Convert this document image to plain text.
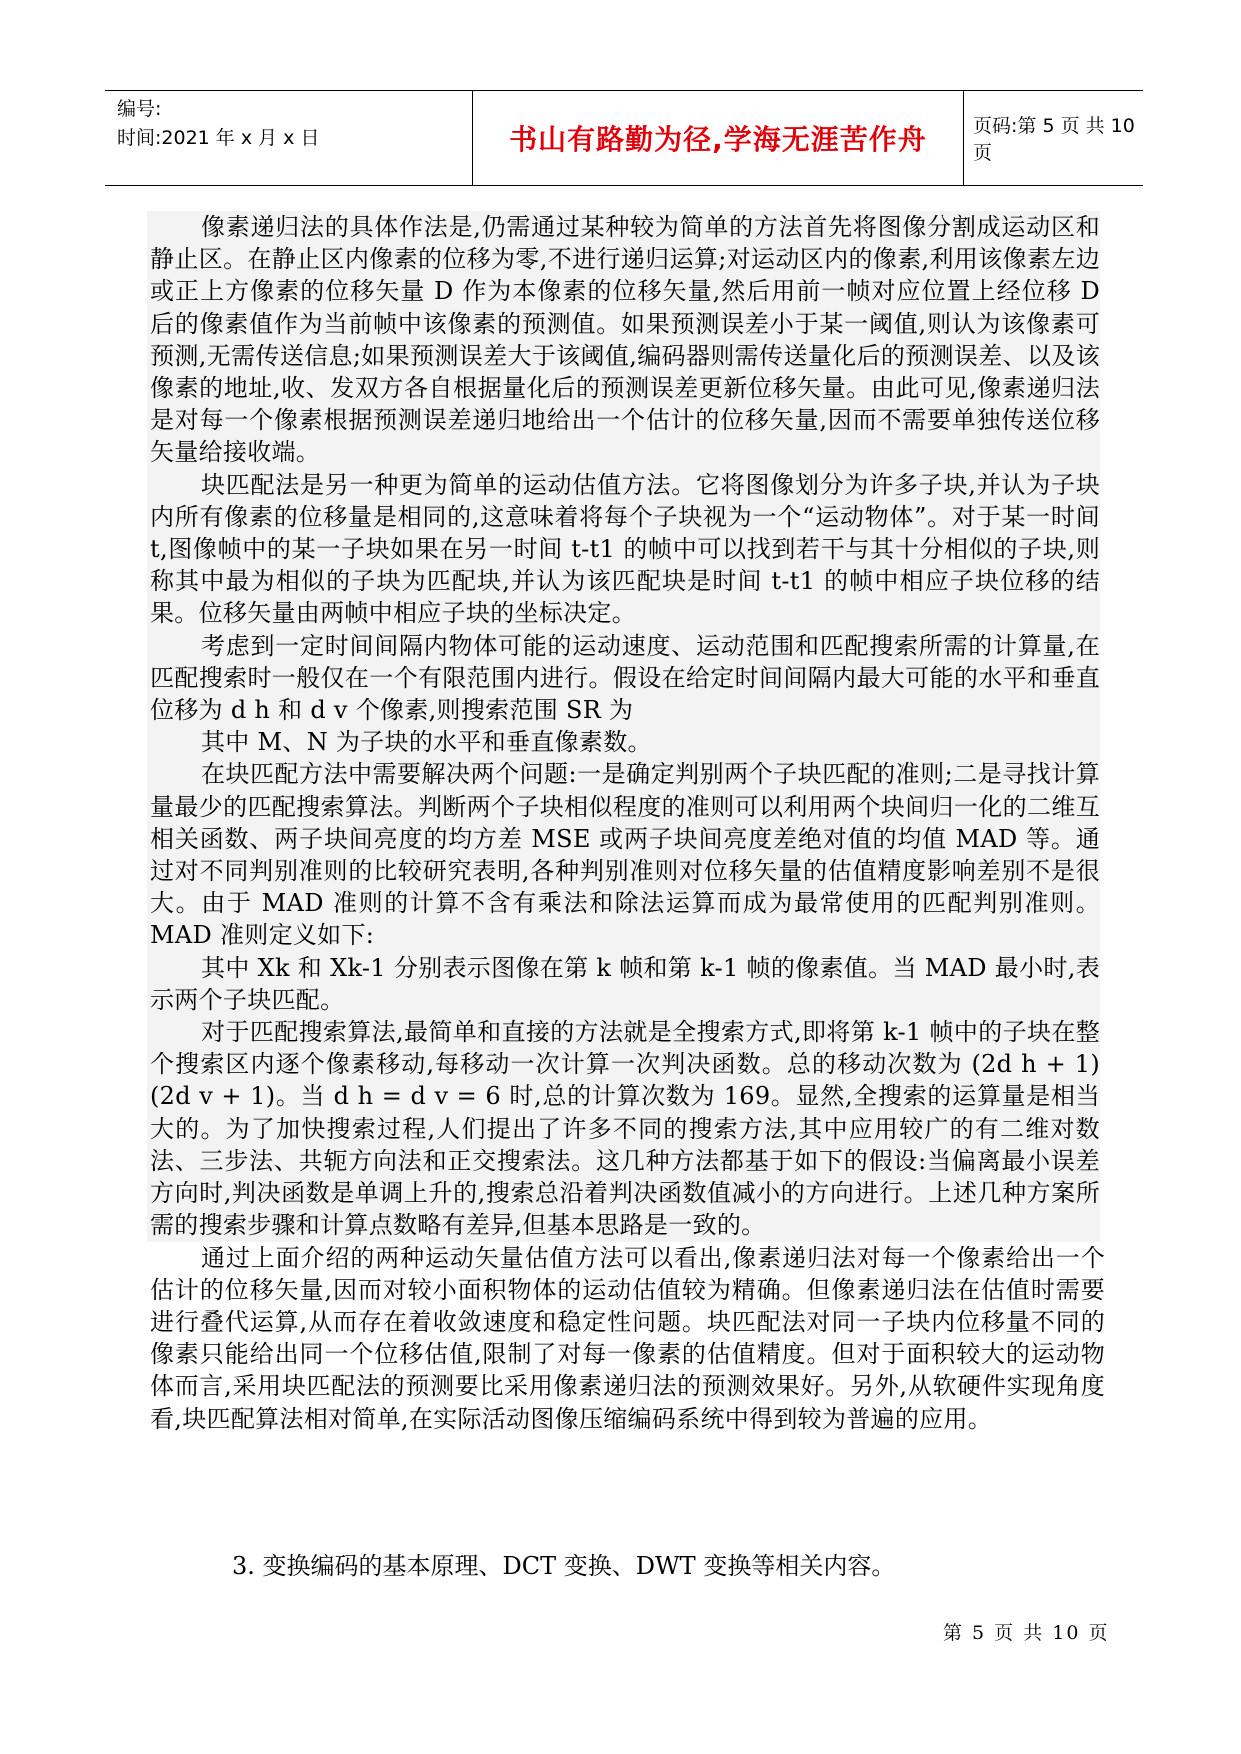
编号:
时间:2021 年 x 月 x 日	书山有路勤为径,学海无涯苦作舟	页码:第 5 页 共 10 页

像素递归法的具体作法是,仍需通过某种较为简单的方法首先将图像分割成运动区和静止区。在静止区内像素的位移为零,不进行递归运算;对运动区内的像素,利用该像素左边或正上方像素的位移矢量 D 作为本像素的位移矢量,然后用前一帧对应位置上经位移 D 后的像素值作为当前帧中该像素的预测值。如果预测误差小于某一阈值,则认为该像素可预测,无需传送信息;如果预测误差大于该阈值,编码器则需传送量化后的预测误差、以及该像素的地址,收、发双方各自根据量化后的预测误差更新位移矢量。由此可见,像素递归法是对每一个像素根据预测误差递归地给出一个估计的位移矢量,因而不需要单独传送位移矢量给接收端。

块匹配法是另一种更为简单的运动估值方法。它将图像划分为许多子块,并认为子块内所有像素的位移量是相同的,这意味着将每个子块视为一个“运动物体”。对于某一时间 t,图像帧中的某一子块如果在另一时间 t-t1 的帧中可以找到若干与其十分相似的子块,则称其中最为相似的子块为匹配块,并认为该匹配块是时间 t-t1 的帧中相应子块位移的结果。位移矢量由两帧中相应子块的坐标决定。

考虑到一定时间间隔内物体可能的运动速度、运动范围和匹配搜索所需的计算量,在匹配搜索时一般仅在一个有限范围内进行。假设在给定时间间隔内最大可能的水平和垂直位移为 d h 和 d v 个像素,则搜索范围 SR 为

其中 M、N 为子块的水平和垂直像素数。

在块匹配方法中需要解决两个问题:一是确定判别两个子块匹配的准则;二是寻找计算量最少的匹配搜索算法。判断两个子块相似程度的准则可以利用两个块间归一化的二维互相关函数、两子块间亮度的均方差 MSE 或两子块间亮度差绝对值的均值 MAD 等。通过对不同判别准则的比较研究表明,各种判别准则对位移矢量的估值精度影响差别不是很大。由于 MAD 准则的计算不含有乘法和除法运算而成为最常使用的匹配判别准则。MAD 准则定义如下:

其中 Xk 和 Xk-1 分别表示图像在第 k 帧和第 k-1 帧的像素值。当 MAD 最小时,表示两个子块匹配。

对于匹配搜索算法,最简单和直接的方法就是全搜索方式,即将第 k-1 帧中的子块在整个搜索区内逐个像素移动,每移动一次计算一次判决函数。总的移动次数为 (2d h + 1)(2d v + 1)。当 d h = d v = 6 时,总的计算次数为 169。显然,全搜索的运算量是相当大的。为了加快搜索过程,人们提出了许多不同的搜索方法,其中应用较广的有二维对数法、三步法、共轭方向法和正交搜索法。这几种方法都基于如下的假设:当偏离最小误差方向时,判决函数是单调上升的,搜索总沿着判决函数值减小的方向进行。上述几种方案所需的搜索步骤和计算点数略有差异,但基本思路是一致的。

通过上面介绍的两种运动矢量估值方法可以看出,像素递归法对每一个像素给出一个估计的位移矢量,因而对较小面积物体的运动估值较为精确。但像素递归法在估值时需要进行叠代运算,从而存在着收敛速度和稳定性问题。块匹配法对同一子块内位移量不同的像素只能给出同一个位移估值,限制了对每一像素的估值精度。但对于面积较大的运动物体而言,采用块匹配法的预测要比采用像素递归法的预测效果好。另外,从软硬件实现角度看,块匹配算法相对简单,在实际活动图像压缩编码系统中得到较为普遍的应用。

3. 变换编码的基本原理、DCT 变换、DWT 变换等相关内容。
第 5 页 共 10 页
